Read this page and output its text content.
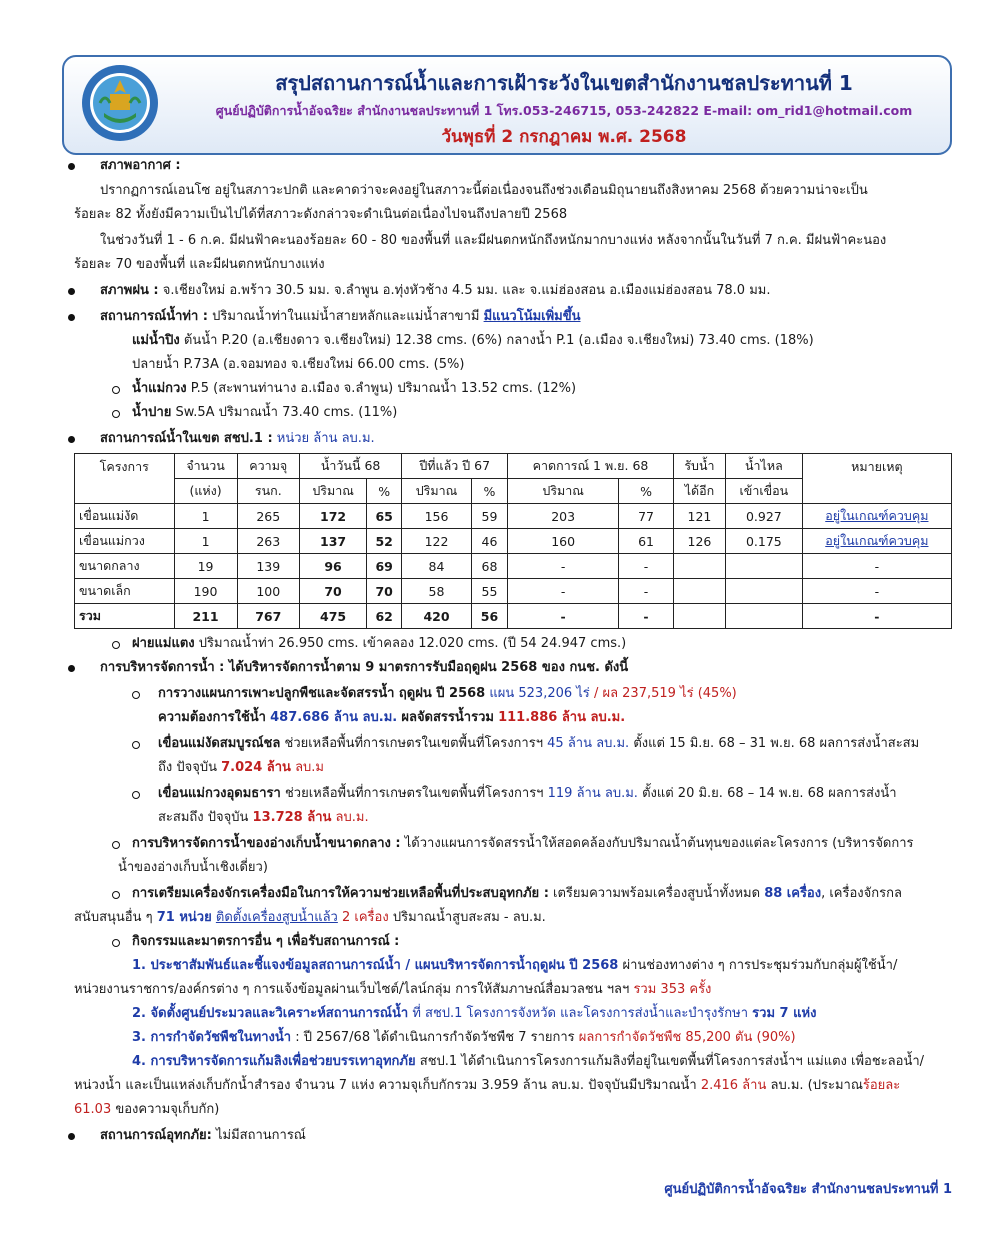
สรุปสถานการณ์น้ำและการเฝ้าระวังในเขตสำนักงานชลประทานที่ 1
ศูนย์ปฏิบัติการน้ำอัจฉริยะ สำนักงานชลประทานที่ 1 โทร.053-246715, 053-242822 E-mail: om_rid1@hotmail.com
วันพุธที่ 2 กรกฎาคม พ.ศ. 2568
สภาพอากาศ :
ปรากฏการณ์เอนโซ อยู่ในสภาวะปกติ และคาดว่าจะคงอยู่ในสภาวะนี้ต่อเนื่องจนถึงช่วงเดือนมิถุนายนถึงสิงหาคม 2568 ด้วยความน่าจะเป็น
ร้อยละ 82 ทั้งยังมีความเป็นไปได้ที่สภาวะดังกล่าวจะดำเนินต่อเนื่องไปจนถึงปลายปี 2568
ในช่วงวันที่ 1 - 6 ก.ค. มีฝนฟ้าคะนองร้อยละ 60 - 80 ของพื้นที่ และมีฝนตกหนักถึงหนักมากบางแห่ง หลังจากนั้นในวันที่ 7 ก.ค. มีฝนฟ้าคะนอง
ร้อยละ 70 ของพื้นที่ และมีฝนตกหนักบางแห่ง
สภาพฝน : จ.เชียงใหม่ อ.พร้าว 30.5 มม. จ.ลำพูน อ.ทุ่งหัวช้าง 4.5 มม. และ จ.แม่ฮ่องสอน อ.เมืองแม่ฮ่องสอน 78.0 มม.
สถานการณ์น้ำท่า : ปริมาณน้ำท่าในแม่น้ำสายหลักและแม่น้ำสาขามี มีแนวโน้มเพิ่มขึ้น
แม่น้ำปิง ต้นน้ำ P.20 (อ.เชียงดาว จ.เชียงใหม่) 12.38 cms. (6%) กลางน้ำ P.1 (อ.เมือง จ.เชียงใหม่) 73.40 cms. (18%)
ปลายน้ำ P.73A (อ.จอมทอง จ.เชียงใหม่ 66.00 cms. (5%)
น้ำแม่กวง P.5 (สะพานท่านาง อ.เมือง จ.ลำพูน) ปริมาณน้ำ 13.52 cms. (12%)
น้ำปาย Sw.5A ปริมาณน้ำ 73.40 cms. (11%)
สถานการณ์น้ำในเขต สชป.1 : หน่วย ล้าน ลบ.ม.
โครงการ	จำนวน	ความจุ	น้ำวันนี้ 68		ปีที่แล้ว ปี 67		คาดการณ์ 1 พ.ย. 68		รับน้ำ	น้ำไหล	หมายเหตุ
	(แห่ง)	รนก.	ปริมาณ	%	ปริมาณ	%	ปริมาณ	%	ได้อีก	เข้าเขื่อน	
เขื่อนแม่งัด	1	265	172	65	156	59	203	77	121	0.927	อยู่ในเกณฑ์ควบคุม
เขื่อนแม่กวง	1	263	137	52	122	46	160	61	126	0.175	อยู่ในเกณฑ์ควบคุม
ขนาดกลาง	19	139	96	69	84	68	-	-			-
ขนาดเล็ก	190	100	70	70	58	55	-	-			-
รวม	211	767	475	62	420	56	-	-			-
ฝายแม่แตง ปริมาณน้ำท่า 26.950 cms. เข้าคลอง 12.020 cms. (ปี 54 24.947 cms.)
การบริหารจัดการน้ำ : ได้บริหารจัดการน้ำตาม 9 มาตรการรับมือฤดูฝน 2568 ของ กนช. ดังนี้
การวางแผนการเพาะปลูกพืชและจัดสรรน้ำ ฤดูฝน ปี 2568 แผน 523,206 ไร่ / ผล 237,519 ไร่ (45%)
ความต้องการใช้น้ำ 487.686 ล้าน ลบ.ม. ผลจัดสรรน้ำรวม 111.886 ล้าน ลบ.ม.
เขื่อนแม่งัดสมบูรณ์ชล ช่วยเหลือพื้นที่การเกษตรในเขตพื้นที่โครงการฯ 45 ล้าน ลบ.ม. ตั้งแต่ 15 มิ.ย. 68 – 31 พ.ย. 68 ผลการส่งน้ำสะสม
ถึง ปัจจุบัน 7.024 ล้าน ลบ.ม
เขื่อนแม่กวงอุดมธารา ช่วยเหลือพื้นที่การเกษตรในเขตพื้นที่โครงการฯ 119 ล้าน ลบ.ม. ตั้งแต่ 20 มิ.ย. 68 – 14 พ.ย. 68 ผลการส่งน้ำ
สะสมถึง ปัจจุบัน 13.728 ล้าน ลบ.ม.
การบริหารจัดการน้ำของอ่างเก็บน้ำขนาดกลาง : ได้วางแผนการจัดสรรน้ำให้สอดคล้องกับปริมาณน้ำต้นทุนของแต่ละโครงการ (บริหารจัดการ
น้ำของอ่างเก็บน้ำเชิงเดี่ยว)
การเตรียมเครื่องจักรเครื่องมือในการให้ความช่วยเหลือพื้นที่ประสบอุทกภัย : เตรียมความพร้อมเครื่องสูบน้ำทั้งหมด 88 เครื่อง, เครื่องจักรกล
สนับสนุนอื่น ๆ 71 หน่วย ติดตั้งเครื่องสูบน้ำแล้ว 2 เครื่อง ปริมาณน้ำสูบสะสม - ลบ.ม.
กิจกรรมและมาตรการอื่น ๆ เพื่อรับสถานการณ์ :
1. ประชาสัมพันธ์และชี้แจงข้อมูลสถานการณ์น้ำ / แผนบริหารจัดการน้ำฤดูฝน ปี 2568 ผ่านช่องทางต่าง ๆ การประชุมร่วมกับกลุ่มผู้ใช้น้ำ/
หน่วยงานราชการ/องค์กรต่าง ๆ การแจ้งข้อมูลผ่านเว็บไซต์/ไลน์กลุ่ม การให้สัมภาษณ์สื่อมวลชน ฯลฯ รวม 353 ครั้ง
2. จัดตั้งศูนย์ประมวลและวิเคราะห์สถานการณ์น้ำ ที่ สชป.1 โครงการจังหวัด และโครงการส่งน้ำและบำรุงรักษา รวม 7 แห่ง
3. การกำจัดวัชพืชในทางน้ำ : ปี 2567/68 ได้ดำเนินการกำจัดวัชพืช 7 รายการ ผลการกำจัดวัชพืช 85,200 ตัน (90%)
4. การบริหารจัดการแก้มลิงเพื่อช่วยบรรเทาอุทกภัย สชป.1 ได้ดำเนินการโครงการแก้มลิงที่อยู่ในเขตพื้นที่โครงการส่งน้ำฯ แม่แตง เพื่อชะลอน้ำ/
หน่วงน้ำ และเป็นแหล่งเก็บกักน้ำสำรอง จำนวน 7 แห่ง ความจุเก็บกักรวม 3.959 ล้าน ลบ.ม. ปัจจุบันมีปริมาณน้ำ 2.416 ล้าน ลบ.ม. (ประมาณร้อยละ
61.03 ของความจุเก็บกัก)
สถานการณ์อุทกภัย: ไม่มีสถานการณ์
ศูนย์ปฏิบัติการน้ำอัจฉริยะ สำนักงานชลประทานที่ 1
